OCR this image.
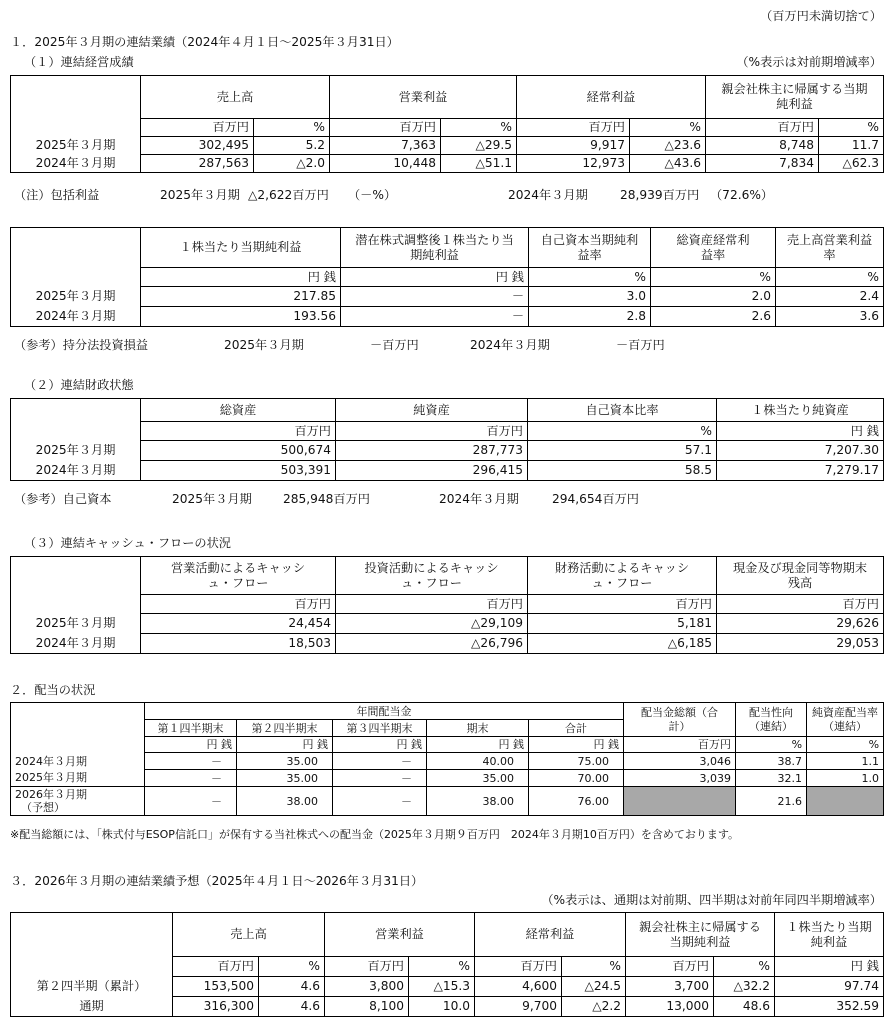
（百万円未満切捨て）
１．2025年３月期の連結業績（2024年４月１日～2025年３月31日）
（１）連結経営成績	（%表示は対前期増減率）
	売上高		営業利益		経常利益		親会社株主に帰属する当期純利益	
	百万円	%	百万円	%	百万円	%	百万円	%
2025年３月期	302,495	5.2	7,363	△29.5	9,917	△23.6	8,748	11.7
2024年３月期	287,563	△2.0	10,448	△51.1	12,973	△43.6	7,834	△62.3
（注）包括利益	2025年３月期 △2,622百万円 （－%）	2024年３月期	28,939百万円 （72.6%）
	１株当たり当期純利益	潜在株式調整後１株当たり当期純利益	自己資本当期純利益率	総資産経常利益率	売上高営業利益率
	円 銭	円 銭	%	%	%
2025年３月期	217.85	－	3.0	2.0	2.4
2024年３月期	193.56	－	2.8	2.6	3.6
（参考）持分法投資損益	2025年３月期	－百万円	2024年３月期	－百万円
（２）連結財政状態
	総資産	純資産	自己資本比率	１株当たり純資産
	百万円	百万円	%	円 銭
2025年３月期	500,674	287,773	57.1	7,207.30
2024年３月期	503,391	296,415	58.5	7,279.17
（参考）自己資本	2025年３月期	285,948百万円	2024年３月期	294,654百万円
（３）連結キャッシュ・フローの状況
	営業活動によるキャッシュ・フロー	投資活動によるキャッシュ・フロー	財務活動によるキャッシュ・フロー	現金及び現金同等物期末残高
	百万円	百万円	百万円	百万円
2025年３月期	24,454	△29,109	5,181	29,626
2024年３月期	18,503	△26,796	△6,185	29,053
２．配当の状況
	年間配当金					配当金総額（合計）	配当性向（連結）	純資産配当率（連結）
	第１四半期末	第２四半期末	第３四半期末	期末	合計			
	円 銭	円 銭	円 銭	円 銭	円 銭	百万円	%	%
2024年３月期	－	35.00	－	40.00	75.00	3,046	38.7	1.1
2025年３月期	－	35.00	－	35.00	70.00	3,039	32.1	1.0

2026年３月期
（予想）	－	38.00	－	38.00	76.00		21.6	
※配当総額には、「株式付与ESOP信託口」が保有する当社株式への配当金（2025年３月期９百万円　2024年３月期10百万円）を含めております。
３．2026年３月期の連結業績予想（2025年４月１日～2026年３月31日）
（%表示は、通期は対前期、四半期は対前年同四半期増減率）
	売上高		営業利益		経常利益		親会社株主に帰属する当期純利益		１株当たり当期純利益
	百万円	%	百万円	%	百万円	%	百万円	%	円 銭
第２四半期（累計）	153,500	4.6	3,800	△15.3	4,600	△24.5	3,700	△32.2	97.74
通期	316,300	4.6	8,100	10.0	9,700	△2.2	13,000	48.6	352.59
